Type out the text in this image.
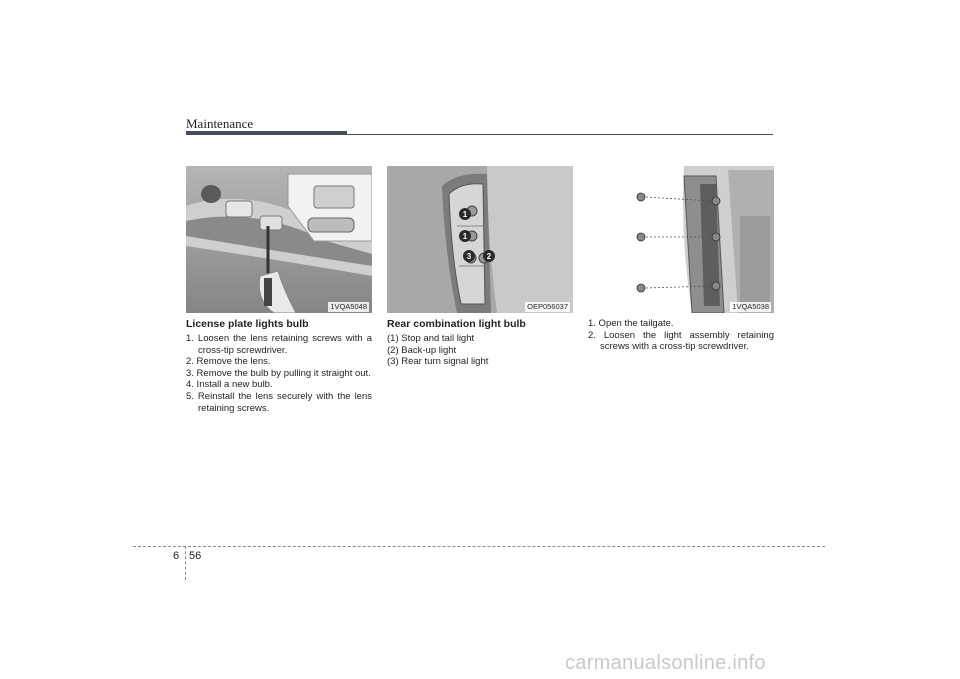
Maintenance
1VQA5048
1
1
3 2
OEP056037	1VQA5038
License plate lights bulb
1. Loosen the lens retaining screws with a cross-tip screwdriver.
2. Remove the lens.
3. Remove the bulb by pulling it straight out.
4. Install a new bulb.
5. Reinstall the lens securely with the lens retaining screws.
Rear combination light bulb

(1) Stop and tail light

(2) Back-up light

(3) Rear turn signal light

1. Open the tailgate.
2. Loosen the light assembly retaining screws with a cross-tip screwdriver.
6 56
carmanualsonline.info
